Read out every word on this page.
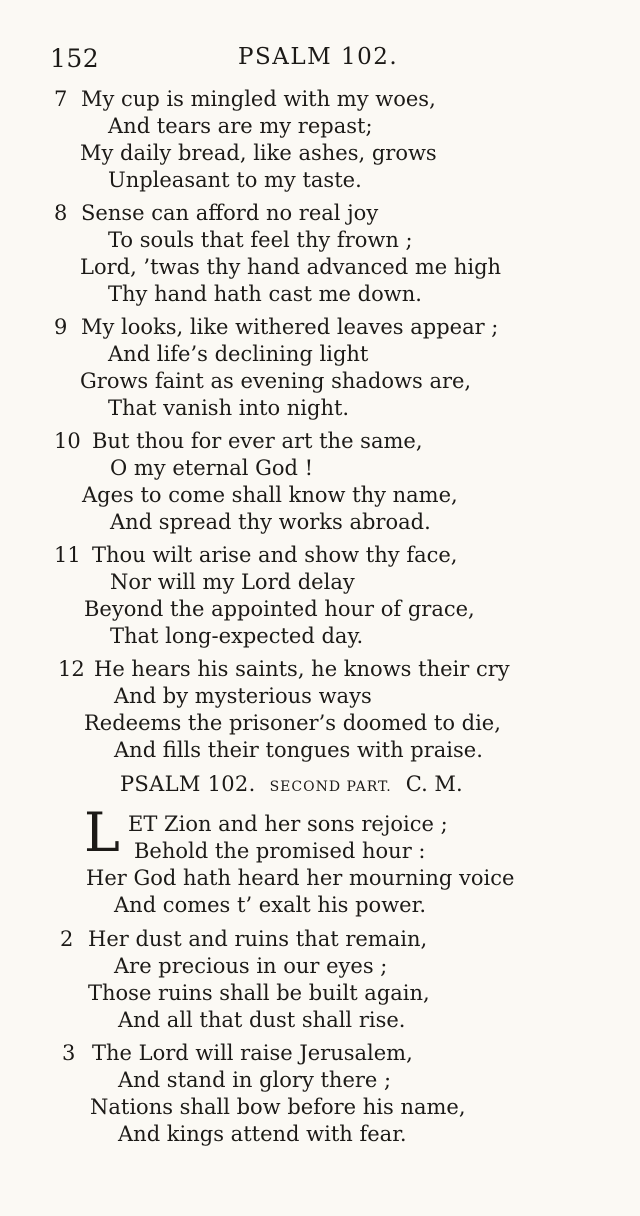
152	PSALM 102.
7 My cup is mingled with my woes,
And tears are my repast;
My daily bread, like ashes, grows
Unpleasant to my taste.
8 Sense can afford no real joy
To souls that feel thy frown ;
Lord, ’twas thy hand advanced me high
Thy hand hath cast me down.
9 My looks, like withered leaves appear ;
And life’s declining light
Grows faint as evening shadows are,
That vanish into night.
10 But thou for ever art the same,
O my eternal God !
Ages to come shall know thy name,
And spread thy works abroad.
11 Thou wilt arise and show thy face,
Nor will my Lord delay
Beyond the appointed hour of grace,
That long-expected day.
12 He hears his saints, he knows their cry
And by mysterious ways
Redeems the prisoner’s doomed to die,
And fills their tongues with praise.
PSALM 102. SECOND PART. C. M.
L ET Zion and her sons rejoice ;
Behold the promised hour :
Her God hath heard her mourning voice
And comes t’ exalt his power.
2 Her dust and ruins that remain,
Are precious in our eyes ;
Those ruins shall be built again,
And all that dust shall rise.
3 The Lord will raise Jerusalem,
And stand in glory there ;
Nations shall bow before his name,
And kings attend with fear.
